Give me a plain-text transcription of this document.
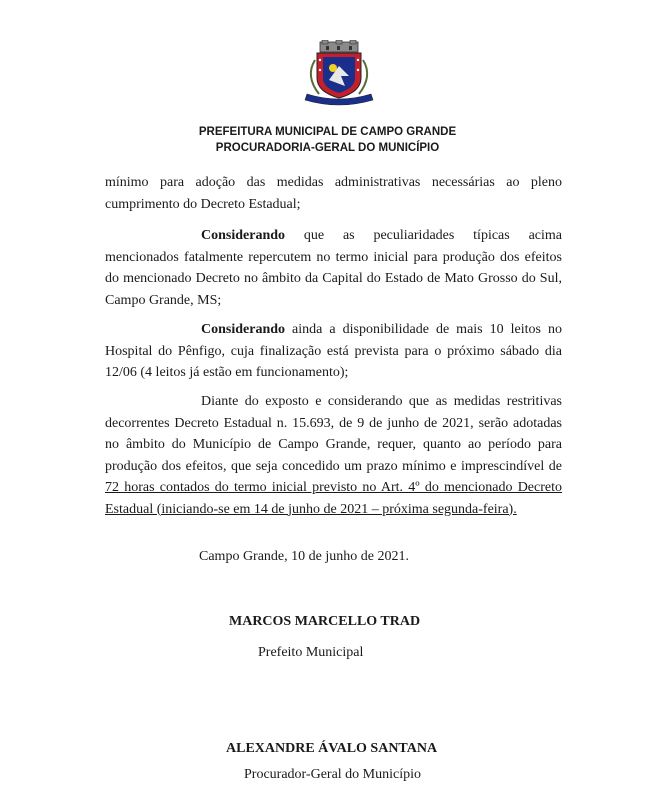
PREFEITURA MUNICIPAL DE CAMPO GRANDE
PROCURADORIA-GERAL DO MUNICÍPIO

mínimo para adoção das medidas administrativas necessárias ao pleno cumprimento do Decreto Estadual;

Considerando que as peculiaridades típicas acima mencionados fatalmente repercutem no termo inicial para produção dos efeitos do mencionado Decreto no âmbito da Capital do Estado de Mato Grosso do Sul, Campo Grande, MS;

Considerando ainda a disponibilidade de mais 10 leitos no Hospital do Pênfigo, cuja finalização está prevista para o próximo sábado dia 12/06 (4 leitos já estão em funcionamento);

Diante do exposto e considerando que as medidas restritivas decorrentes Decreto Estadual n. 15.693, de 9 de junho de 2021, serão adotadas no âmbito do Município de Campo Grande, requer, quanto ao período para produção dos efeitos, que seja concedido um prazo mínimo e imprescindível de 72 horas contados do termo inicial previsto no Art. 4º do mencionado Decreto Estadual (iniciando-se em 14 de junho de 2021 – próxima segunda-feira).

Campo Grande, 10 de junho de 2021.
MARCOS MARCELLO TRAD
Prefeito Municipal
ALEXANDRE ÁVALO SANTANA
Procurador-Geral do Município
